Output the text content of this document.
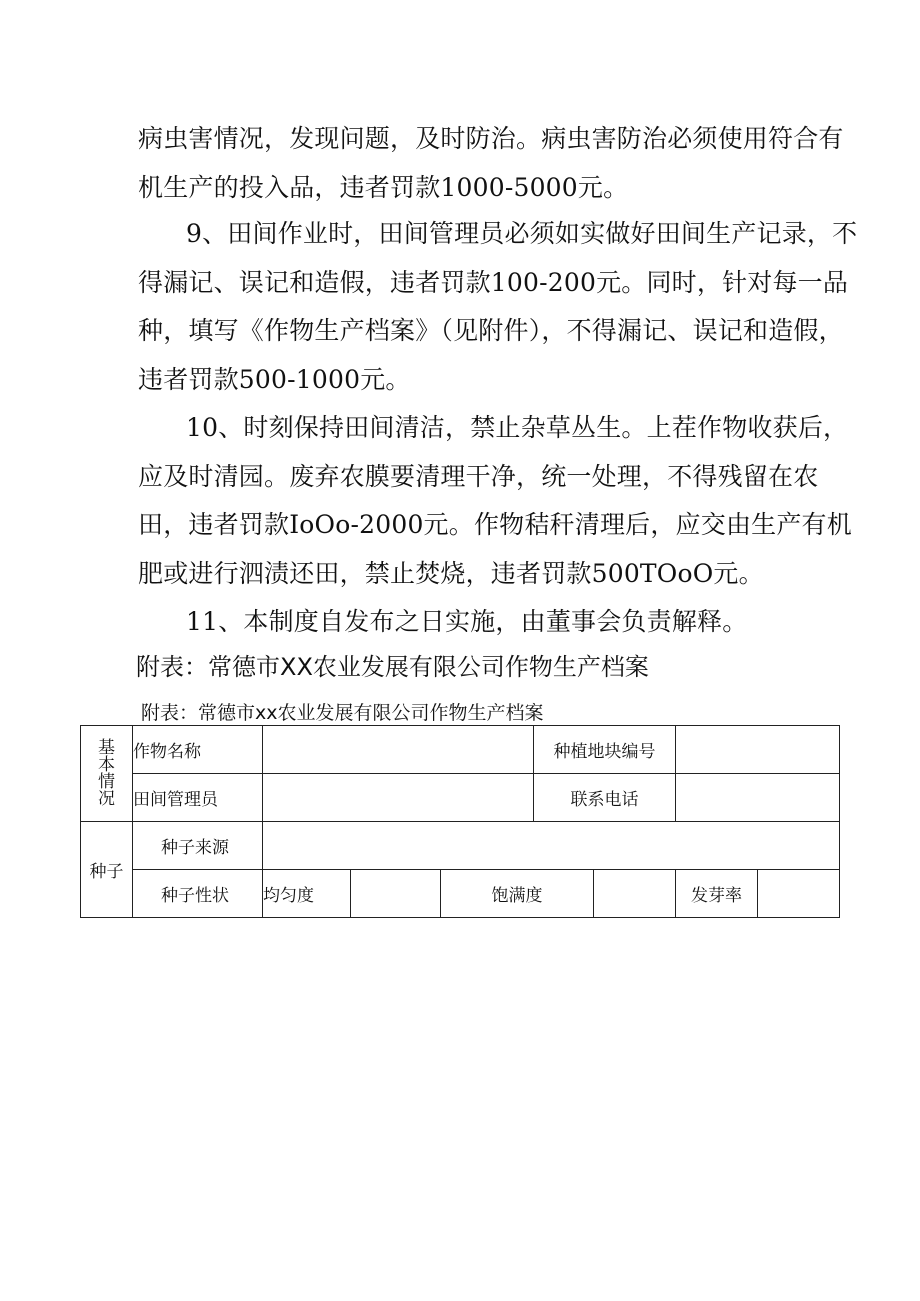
病虫害情况，发现问题，及时防治。病虫害防治必须使用符合有机生产的投入品，违者罚款1000-5000元。
9、田间作业时，田间管理员必须如实做好田间生产记录，不得漏记、误记和造假，违者罚款100-200元。同时，针对每一品种，填写《作物生产档案》（见附件），不得漏记、误记和造假，违者罚款500-1000元。
10、时刻保持田间清洁，禁止杂草丛生。上茬作物收获后，应及时清园。废弃农膜要清理干净，统一处理，不得残留在农田，违者罚款IoOo-2000元。作物秸秆清理后，应交由生产有机肥或进行泗渍还田，禁止焚烧，违者罚款500TOoO元。
11、本制度自发布之日实施，由董事会负责解释。
附表：常德市XX农业发展有限公司作物生产档案
附表：常德市xx农业发展有限公司作物生产档案
基
本
情
况	作物名称				种植地块编号			
	田间管理员				联系电话			
种子	种子来源							
	种子性状	均匀度		饱满度			发芽率	
